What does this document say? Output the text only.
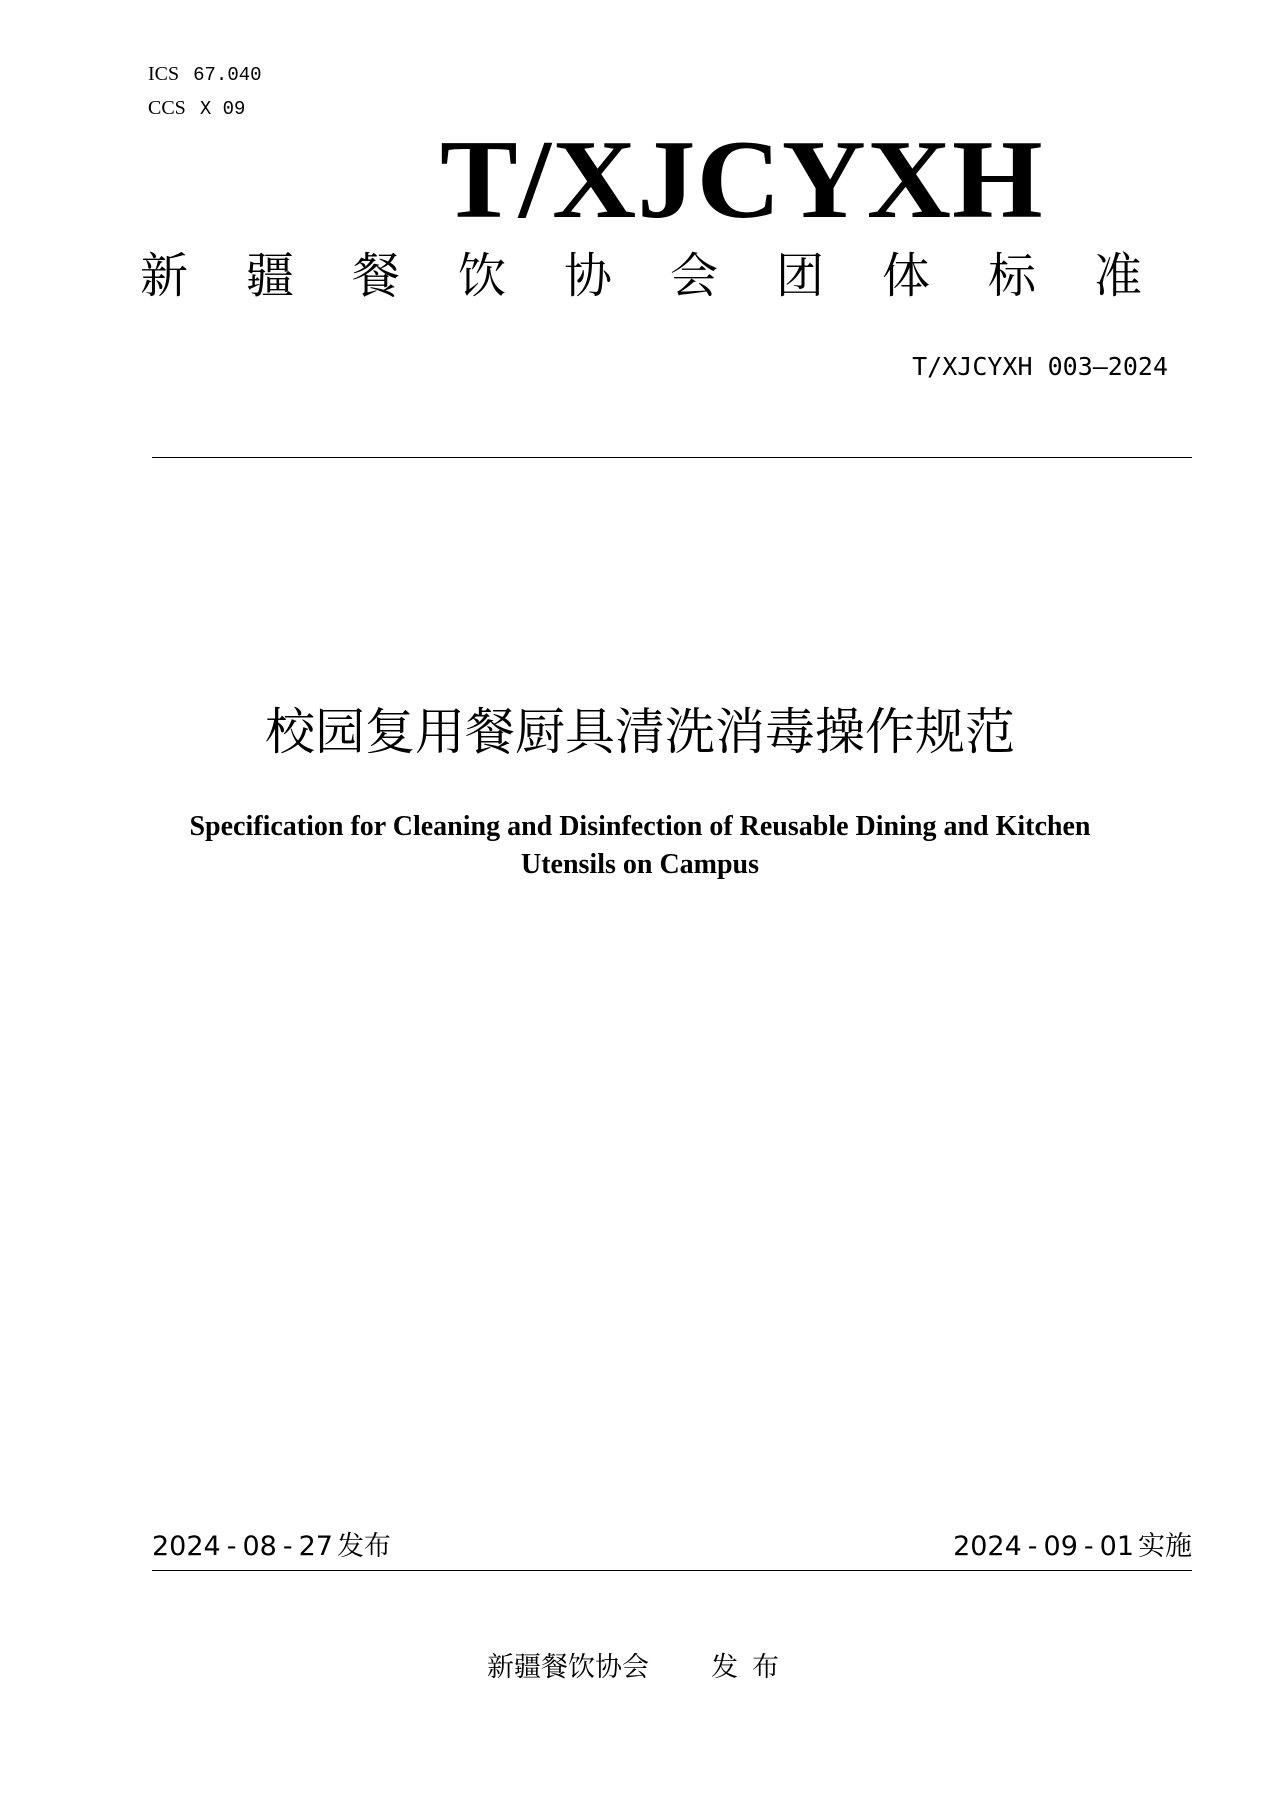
ICS 67.040
CCS X 09
T/XJCYXH
新疆餐饮协会团体标准
T/XJCYXH 003—2024
校园复用餐厨具清洗消毒操作规范
Specification for Cleaning and Disinfection of Reusable Dining and Kitchen
Utensils on Campus
2024 - 08 - 27 发布	2024 - 09 - 01 实施
新疆餐饮协会 发布
